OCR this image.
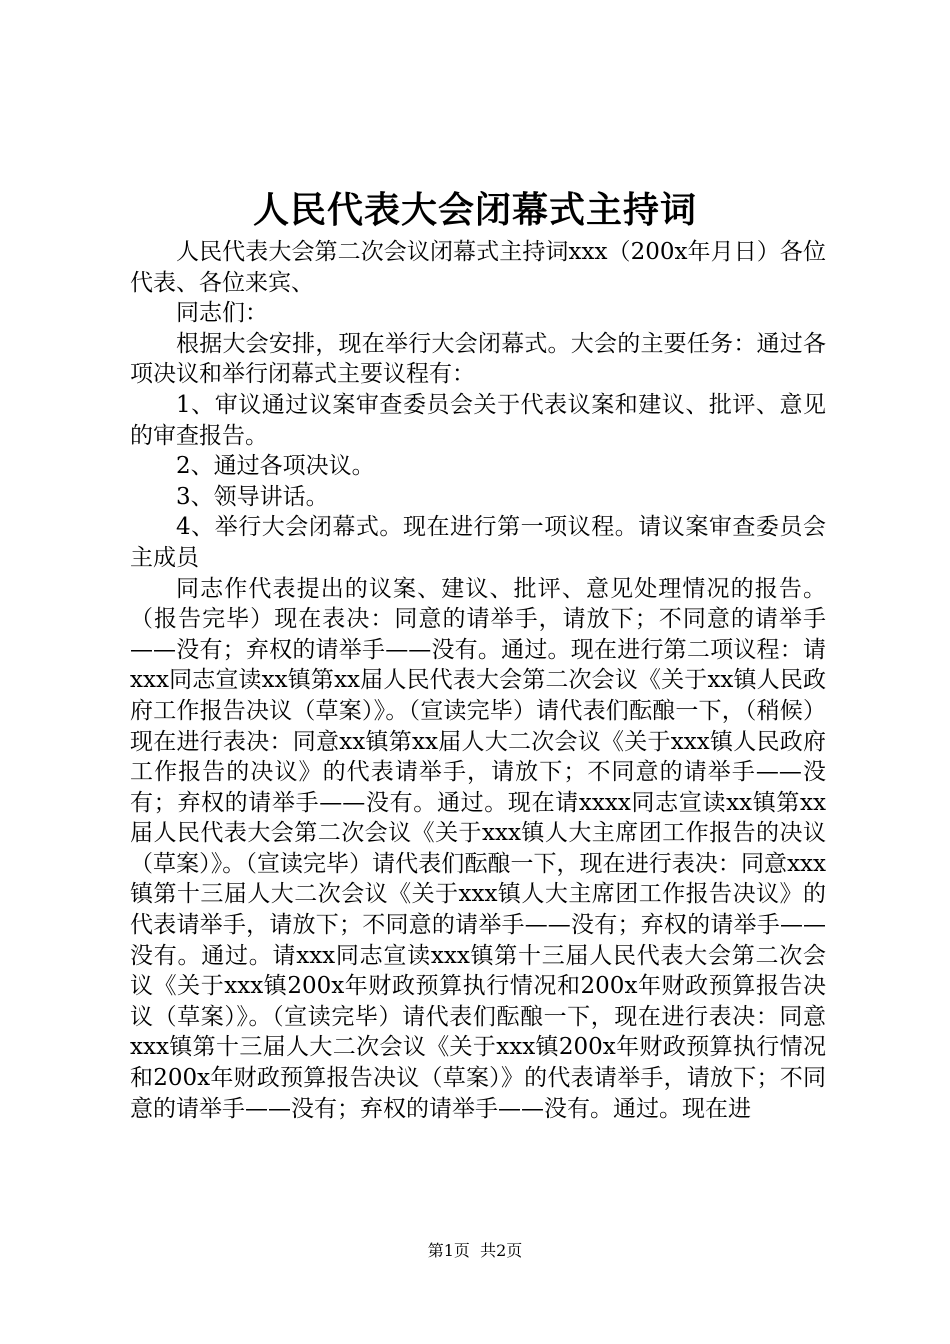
人民代表大会闭幕式主持词

人民代表大会第二次会议闭幕式主持词xxx（200x年月日）各位代表、各位来宾、

同志们：

根据大会安排，现在举行大会闭幕式。大会的主要任务：通过各项决议和举行闭幕式主要议程有：

1、审议通过议案审查委员会关于代表议案和建议、批评、意见的审查报告。

2、通过各项决议。

3、领导讲话。

4、举行大会闭幕式。现在进行第一项议程。请议案审查委员会主成员

同志作代表提出的议案、建议、批评、意见处理情况的报告。（报告完毕）现在表决：同意的请举手，请放下；不同意的请举手——没有；弃权的请举手——没有。通过。现在进行第二项议程：请xxx同志宣读xx镇第xx届人民代表大会第二次会议《关于xx镇人民政府工作报告决议（草案）》。（宣读完毕）请代表们酝酿一下，（稍候）现在进行表决：同意xx镇第xx届人大二次会议《关于xxx镇人民政府工作报告的决议》的代表请举手，请放下；不同意的请举手——没有；弃权的请举手——没有。通过。现在请xxxx同志宣读xx镇第xx届人民代表大会第二次会议《关于xxx镇人大主席团工作报告的决议（草案）》。（宣读完毕）请代表们酝酿一下，现在进行表决：同意xxx镇第十三届人大二次会议《关于xxx镇人大主席团工作报告决议》的代表请举手，请放下；不同意的请举手——没有；弃权的请举手——没有。通过。请xxx同志宣读xxx镇第十三届人民代表大会第二次会议《关于xxx镇200x年财政预算执行情况和200x年财政预算报告决议（草案）》。（宣读完毕）请代表们酝酿一下，现在进行表决：同意xxx镇第十三届人大二次会议《关于xxx镇200x年财政预算执行情况和200x年财政预算报告决议（草案）》的代表请举手，请放下；不同意的请举手——没有；弃权的请举手——没有。通过。现在进

第1页  共2页
